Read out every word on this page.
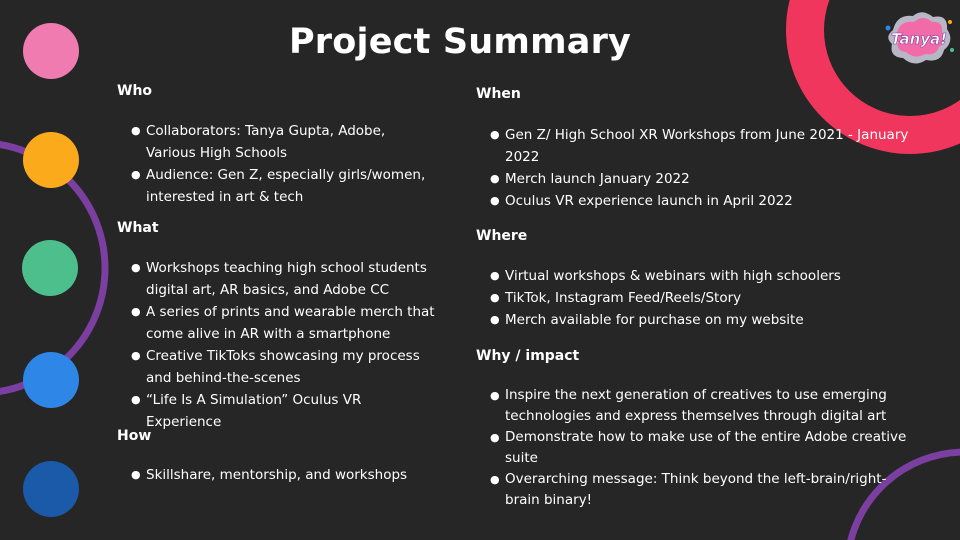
Tanya!
Project Summary

Who

● Collaborators: Tanya Gupta, Adobe, Various High Schools
● Audience: Gen Z, especially girls/women, interested in art & tech

What

● Workshops teaching high school students digital art, AR basics, and Adobe CC
● A series of prints and wearable merch that come alive in AR with a smartphone
● Creative TikToks showcasing my process and behind-the-scenes
● “Life Is A Simulation” Oculus VR Experience

How

● Skillshare, mentorship, and workshops

When

● Gen Z/ High School XR Workshops from June 2021 - January 2022
● Merch launch January 2022
● Oculus VR experience launch in April 2022

Where

● Virtual workshops & webinars with high schoolers
● TikTok, Instagram Feed/Reels/Story
● Merch available for purchase on my website

Why / impact

● Inspire the next generation of creatives to use emerging technologies and express themselves through digital art
● Demonstrate how to make use of the entire Adobe creative suite
● Overarching message: Think beyond the left-brain/right-brain binary!
